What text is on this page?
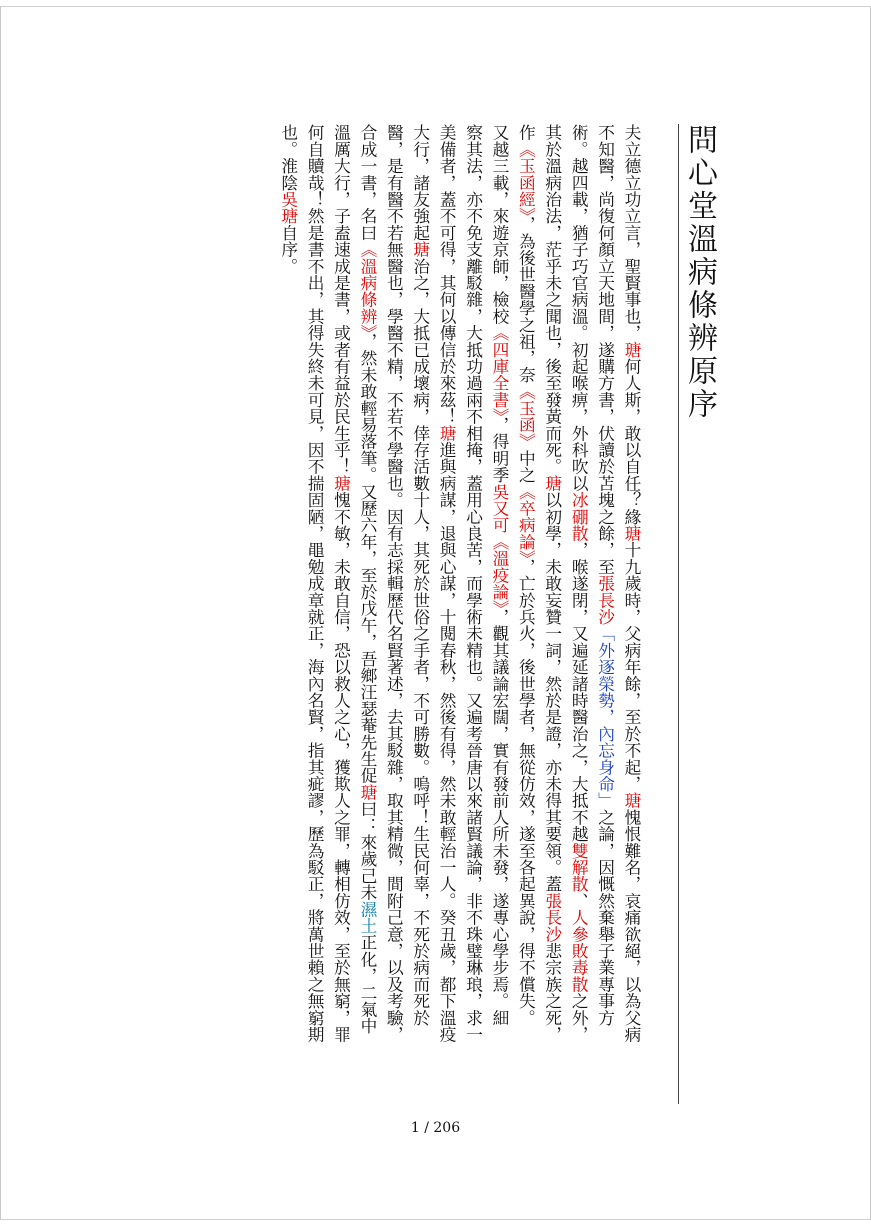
問心堂溫病條辨原序
夫立德立功立言，聖賢事也，瑭何人斯，敢以自任？緣瑭十九歲時，父病年餘，至於不起，瑭愧恨難名，哀痛欲絕，以為父病
不知醫，尚復何顏立天地間，遂購方書，伏讀於苫塊之餘，至張長沙「外逐榮勢，內忘身命」之論，因慨然棄舉子業專事方
術。越四載，猶子巧官病溫。初起喉痹，外科吹以冰硼散，喉遂閉，又遍延諸時醫治之，大抵不越雙解散、人參敗毒散之外，
其於溫病治法，茫乎未之聞也，後至發黃而死。瑭以初學，未敢妄贊一詞，然於是證，亦未得其要領。蓋張長沙悲宗族之死，
作《玉函經》，為後世醫學之祖，奈《玉函》中之《卒病論》，亡於兵火，後世學者，無從仿效，遂至各起異說，得不償失。
又越三載，來遊京師，檢校《四庫全書》，得明季吳又可《溫疫論》，觀其議論宏闊，實有發前人所未發，遂專心學步焉。細
察其法，亦不免支離駁雜，大抵功過兩不相掩，蓋用心良苦，而學術未精也。又遍考晉唐以來諸賢議論，非不珠璧琳琅，求一
美備者，蓋不可得，其何以傳信於來茲！瑭進與病謀，退與心謀，十閱春秋，然後有得，然未敢輕治一人。癸丑歲，都下溫疫
大行，諸友強起瑭治之，大抵已成壞病，倖存活數十人，其死於世俗之手者，不可勝數。嗚呼！生民何辜，不死於病而死於
醫，是有醫不若無醫也，學醫不精，不若不學醫也。因有志採輯歷代名賢著述，去其駁雜，取其精微，間附己意，以及考驗，
合成一書，名曰《溫病條辨》，然未敢輕易落筆。又歷六年，至於戊午，吾鄉汪瑟菴先生促瑭曰：來歲己未濕土正化，二氣中
溫厲大行，子盍速成是書，或者有益於民生乎！瑭愧不敏，未敢自信，恐以救人之心，獲欺人之罪，轉相仿效，至於無窮，罪
何自贖哉！然是書不出，其得失終未可見，因不揣固陋，黽勉成章就正，海內名賢，指其疵謬，歷為駁正，將萬世賴之無窮期
也。淮陰吳瑭自序。
1 / 206
